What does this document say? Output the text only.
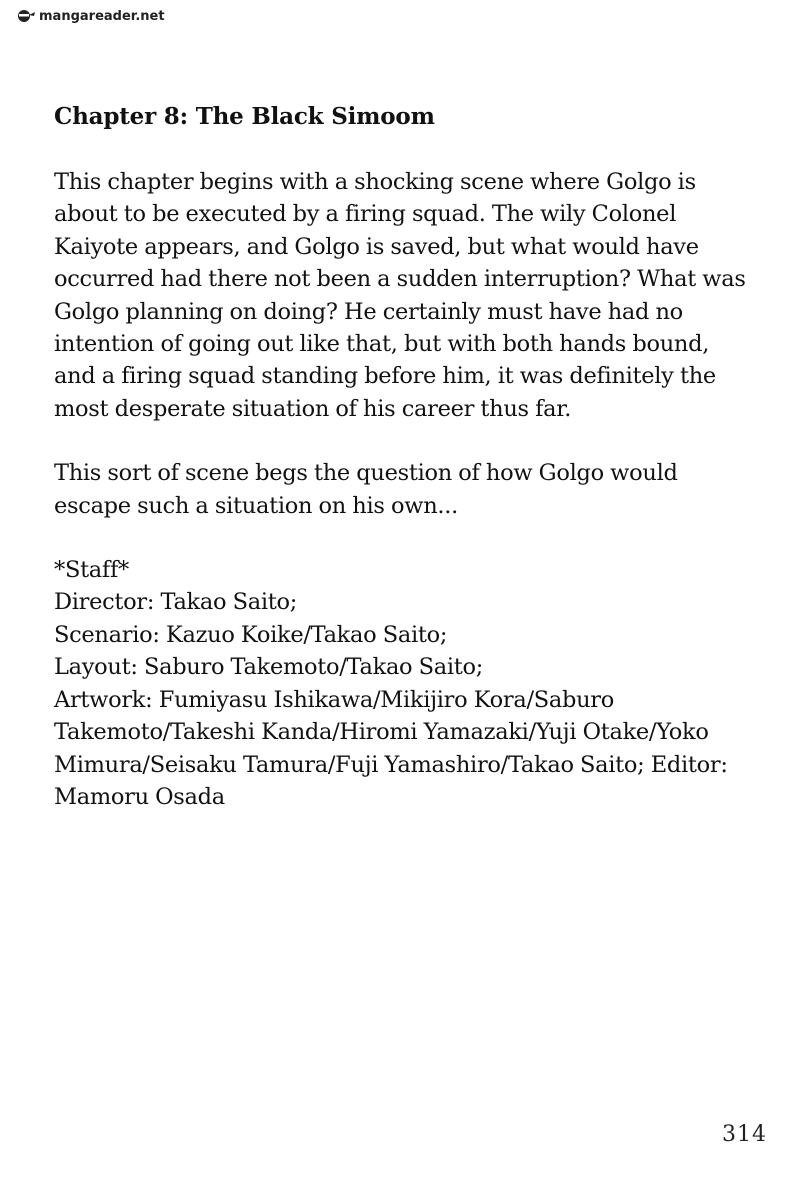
mangareader.net
Chapter 8: The Black Simoom

This chapter begins with a shocking scene where Golgo is about to be executed by a firing squad. The wily Colonel Kaiyote appears, and Golgo is saved, but what would have occurred had there not been a sudden interruption? What was Golgo planning on doing? He certainly must have had no intention of going out like that, but with both hands bound, and a firing squad standing before him, it was definitely the most desperate situation of his career thus far.

This sort of scene begs the question of how Golgo would escape such a situation on his own...

*Staff*

Director: Takao Saito;

Scenario: Kazuo Koike/Takao Saito;

Layout: Saburo Takemoto/Takao Saito;

Artwork: Fumiyasu Ishikawa/Mikijiro Kora/Saburo Takemoto/Takeshi Kanda/Hiromi Yamazaki/Yuji Otake/Yoko Mimura/Seisaku Tamura/Fuji Yamashiro/Takao Saito; Editor: Mamoru Osada

314
